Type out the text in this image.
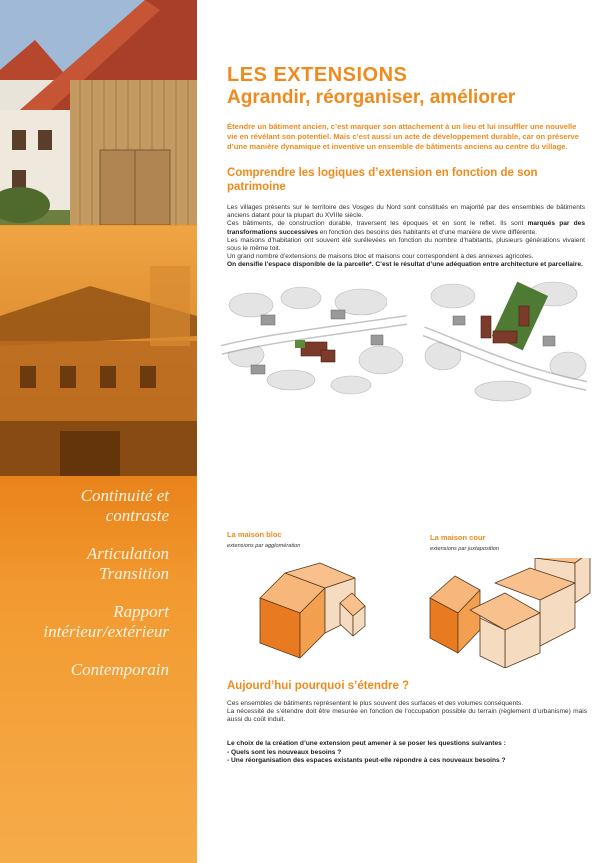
Continuité et
contraste
Articulation
Transition
Rapport
intérieur/extérieur
Contemporain
LES EXTENSIONS
Agrandir, réorganiser, améliorer

Étendre un bâtiment ancien, c’est marquer son attachement à un lieu et lui insuffler une nouvelle vie en révélant son potentiel. Mais c’est aussi un acte de développement durable, car on préserve d’une manière dynamique et inventive un ensemble de bâtiments anciens au centre du village.

Comprendre les logiques d’extension en fonction de son patrimoine

Les villages présents sur le territoire des Vosges du Nord sont constitués en majorité par des ensembles de bâtiments anciens datant pour la plupart du XVIIIe siècle.
Ces bâtiments, de construction durable, traversent les époques et en sont le reflet. Ils sont marqués par des transformations successives en fonction des besoins des habitants et d’une manière de vivre différente.
Les maisons d’habitation ont souvent été surélevées en fonction du nombre d’habitants, plusieurs générations vivaient sous le même toit.
Un grand nombre d’extensions de maisons bloc et maisons cour correspondent à des annexes agricoles.
On densifie l’espace disponible de la parcelle*. C’est le résultat d’une adéquation entre architecture et parcellaire.

La maison bloc
extensions par agglomération
La maison cour
extensions par juxtaposition
Aujourd’hui pourquoi s’étendre ?

Ces ensembles de bâtiments représentent le plus souvent des surfaces et des volumes conséquents.
La nécessité de s’étendre doit être mesurée en fonction de l’occupation possible du terrain (règlement d’urbanisme) mais aussi du coût induit.

Le choix de la création d’une extension peut amener à se poser les questions suivantes :
- Quels sont les nouveaux besoins ?
- Une réorganisation des espaces existants peut-elle répondre à ces nouveaux besoins ?
